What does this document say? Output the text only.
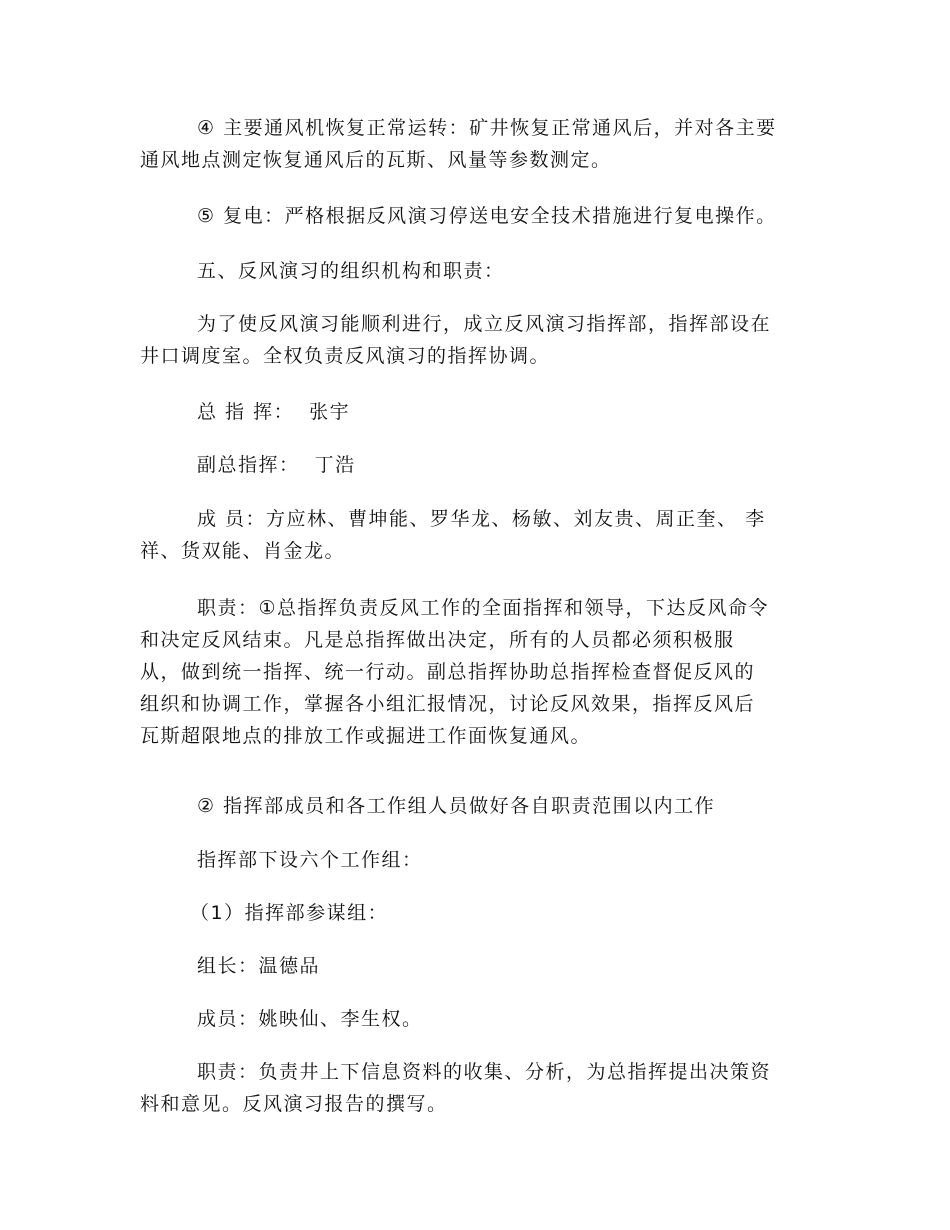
④ 主要通风机恢复正常运转：矿井恢复正常通风后，并对各主要
通风地点测定恢复通风后的瓦斯、风量等参数测定。
⑤ 复电：严格根据反风演习停送电安全技术措施进行复电操作。
五、反风演习的组织机构和职责：
为了使反风演习能顺利进行，成立反风演习指挥部，指挥部设在
井口调度室。全权负责反风演习的指挥协调。
总 指 挥：  张宇
副总指挥：  丁浩
成 员：方应林、曹坤能、罗华龙、杨敏、刘友贵、周正奎、 李
祥、货双能、肖金龙。
职责：①总指挥负责反风工作的全面指挥和领导，下达反风命令
和决定反风结束。凡是总指挥做出决定，所有的人员都必须积极服
从，做到统一指挥、统一行动。副总指挥协助总指挥检查督促反风的
组织和协调工作，掌握各小组汇报情况，讨论反风效果，指挥反风后
瓦斯超限地点的排放工作或掘进工作面恢复通风。
② 指挥部成员和各工作组人员做好各自职责范围以内工作
指挥部下设六个工作组：
（1）指挥部参谋组：
组长：温德品
成员：姚映仙、李生权。
职责：负责井上下信息资料的收集、分析，为总指挥提出决策资
料和意见。反风演习报告的撰写。
